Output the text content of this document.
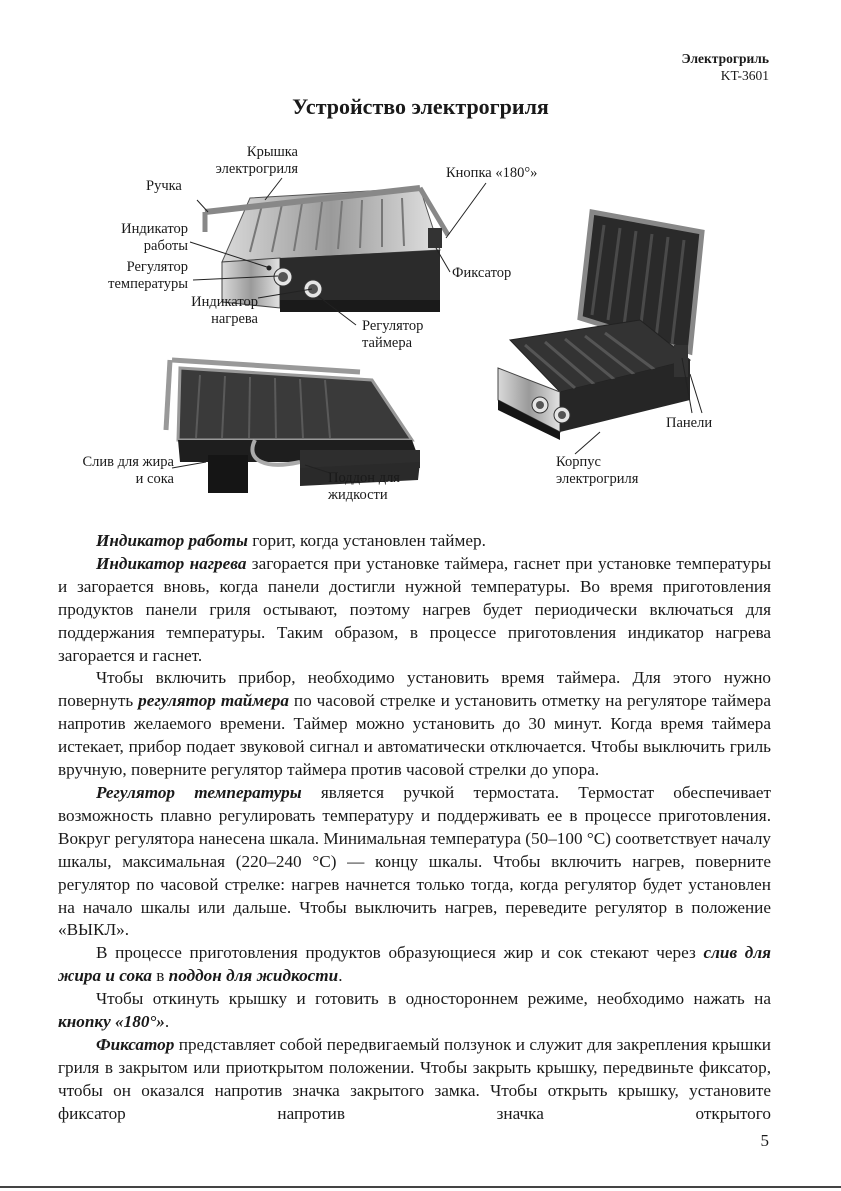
Электрогриль
KT-3601
Устройство электрогриля
Крышка
электрогриля
Ручка
Индикатор
работы
Регулятор
температуры
Индикатор
нагрева
Кнопка «180°»
Фиксатор
Регулятор
таймера
Панели
Слив для жира
и сока	Поддон для
жидкости
Корпус
электрогриля

Индикатор работы горит, когда установлен таймер.

Индикатор нагрева загорается при установке таймера, гаснет при установке температуры и загорается вновь, когда панели достигли нужной температуры. Во время приготовления продуктов панели гриля остывают, поэтому нагрев будет периодически включаться для поддержания температуры. Таким образом, в процессе приготовления индикатор нагрева загорается и гаснет.

Чтобы включить прибор, необходимо установить время таймера. Для этого нужно повернуть регулятор таймера по часовой стрелке и установить отметку на регуляторе таймера напротив желаемого времени. Таймер можно установить до 30 минут. Когда время таймера истекает, прибор подает звуковой сигнал и автоматически отключается. Чтобы выключить гриль вручную, поверните регулятор таймера против часовой стрелки до упора.

Регулятор температуры является ручкой термостата. Термостат обеспечивает возможность плавно регулировать температуру и поддерживать ее в процессе приготовления. Вокруг регулятора нанесена шкала. Минимальная температура (50–100 °C) соответствует началу шкалы, максимальная (220–240 °C) — концу шкалы. Чтобы включить нагрев, поверните регулятор по часовой стрелке: нагрев начнется только тогда, когда регулятор будет установлен на начало шкалы или дальше. Чтобы выключить нагрев, переведите регулятор в положение «ВЫКЛ».

В процессе приготовления продуктов образующиеся жир и сок стекают через слив для жира и сока в поддон для жидкости.

Чтобы откинуть крышку и готовить в одностороннем режиме, необходимо нажать на кнопку «180°».

Фиксатор представляет собой передвигаемый ползунок и служит для закрепления крышки гриля в закрытом или приоткрытом положении. Чтобы закрыть крышку, передвиньте фиксатор, чтобы он оказался напротив значка закрытого замка. Чтобы открыть крышку, установите фиксатор напротив значка открытого

5
